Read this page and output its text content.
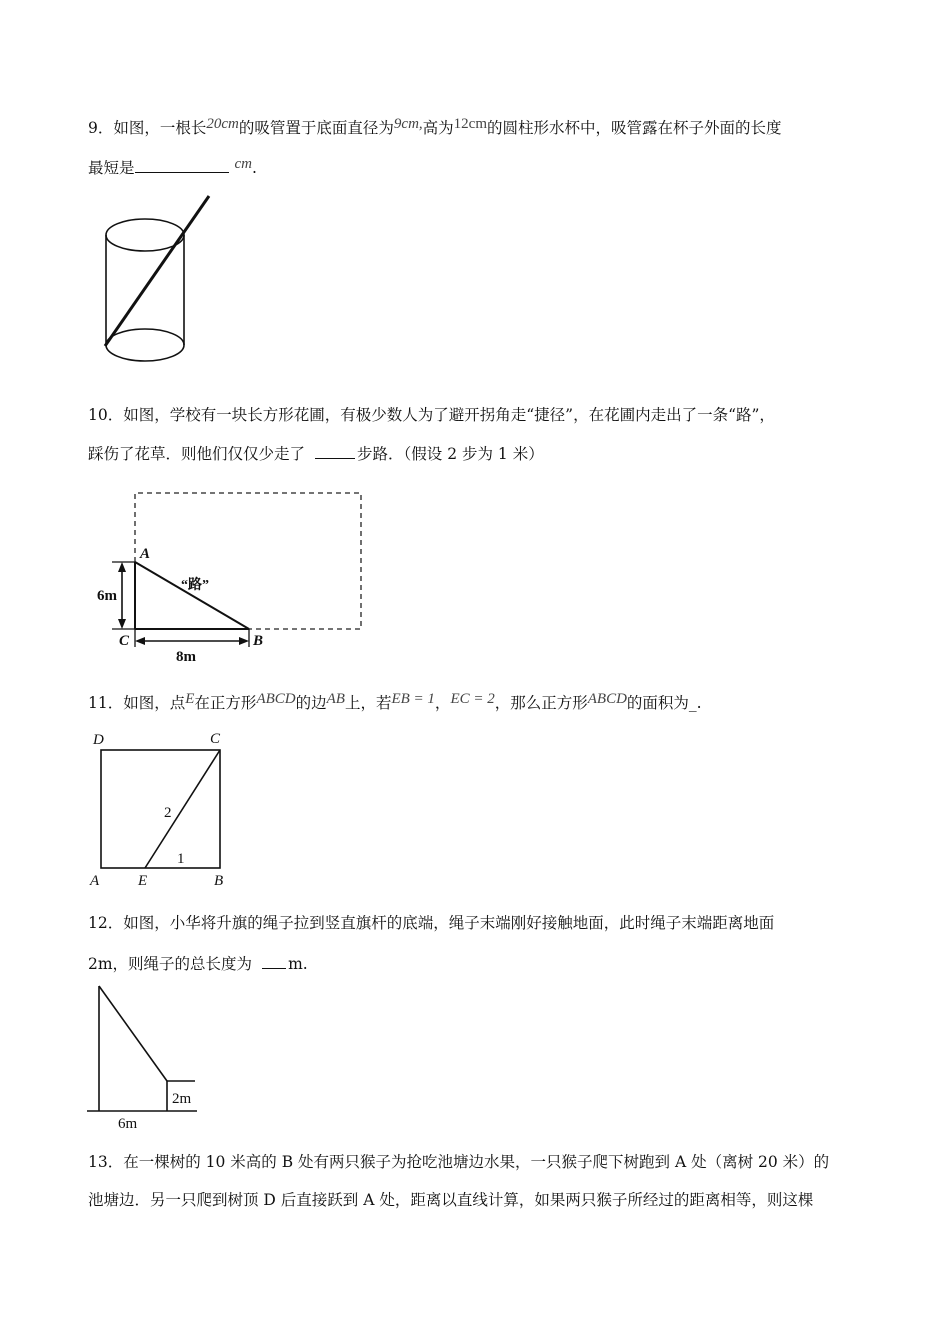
9．如图，一根长20cm的吸管置于底面直径为9cm,高为12cm的圆柱形水杯中，吸管露在杯子外面的长度
最短是	cm.
10．如图，学校有一块长方形花圃，有极少数人为了避开拐角走“捷径”，在花圃内走出了一条“路”，
踩伤了花草．则他们仅仅少走了	步路．（假设 2 步为 1 米）
A
C	B
6m
8m
“路”
11．如图，点E在正方形ABCD的边AB上，若EB = 1，EC = 2，那么正方形ABCD的面积为_.
D	C
A	E	B
2
1
12．如图，小华将升旗的绳子拉到竖直旗杆的底端，绳子末端刚好接触地面，此时绳子末端距离地面
2m，则绳子的总长度为 m.
2m
6m
13．在一棵树的 10 米高的 B 处有两只猴子为抢吃池塘边水果，一只猴子爬下树跑到 A 处（离树 20 米）的
池塘边．另一只爬到树顶 D 后直接跃到 A 处，距离以直线计算，如果两只猴子所经过的距离相等，则这棵
